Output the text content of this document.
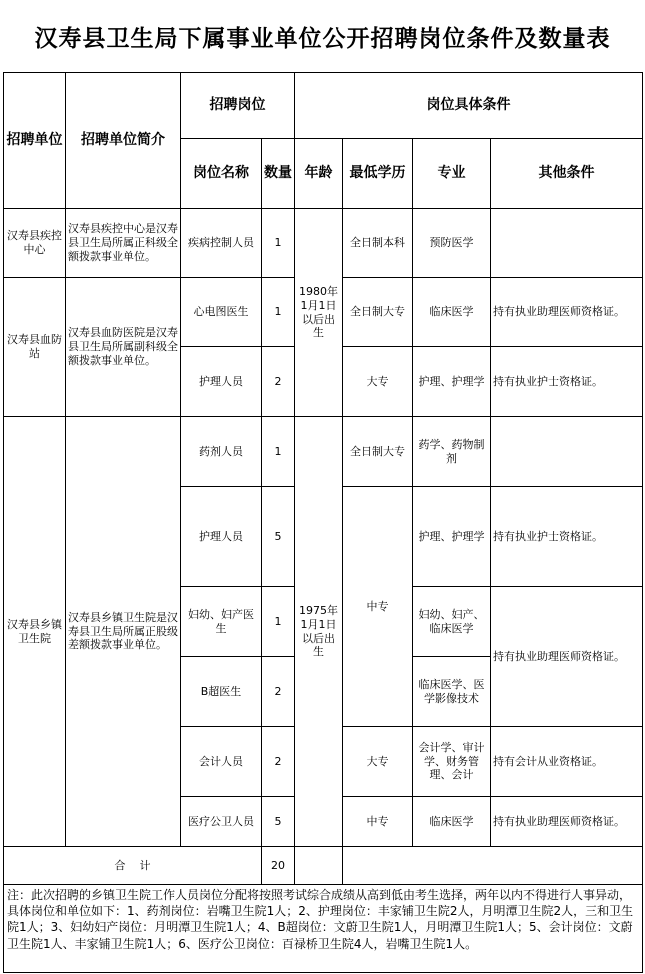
汉寿县卫生局下属事业单位公开招聘岗位条件及数量表
招聘单位	招聘单位简介	招聘岗位		岗位具体条件			
		岗位名称	数量	年龄	最低学历	专业	其他条件
汉寿县疾控中心	汉寿县疾控中心是汉寿县卫生局所属正科级全额拨款事业单位。	疾病控制人员	1	1980年1月1日以后出生	全日制本科	预防医学	
汉寿县血防站	汉寿县血防医院是汉寿县卫生局所属副科级全额拨款事业单位。	心电图医生	1		全日制大专	临床医学	持有执业助理医师资格证。
		护理人员	2		大专	护理、护理学	持有执业护士资格证。
汉寿县乡镇卫生院	汉寿县乡镇卫生院是汉寿县卫生局所属正股级差额拨款事业单位。	药剂人员	1	1975年1月1日以后出生	全日制大专	药学、药物制剂	
		护理人员	5		中专	护理、护理学	持有执业护士资格证。
		妇幼、妇产医生	1			妇幼、妇产、临床医学	持有执业助理医师资格证。
		B超医生	2			临床医学、医学影像技术	
		会计人员	2		大专	会计学、审计学、财务管理、会计	持有会计从业资格证。
		医疗公卫人员	5		中专	临床医学	持有执业助理医师资格证。
合    计			20				
注：此次招聘的乡镇卫生院工作人员岗位分配将按照考试综合成绩从高到低由考生选择，两年以内不得进行人事异动，具体岗位和单位如下：1、药剂岗位：岩嘴卫生院1人；2、护理岗位：丰家铺卫生院2人，月明潭卫生院2人，三和卫生院1人；3、妇幼妇产岗位：月明潭卫生院1人；4、B超岗位：文蔚卫生院1人，月明潭卫生院1人；5、会计岗位：文蔚卫生院1人、丰家铺卫生院1人；6、医疗公卫岗位：百禄桥卫生院4人，岩嘴卫生院1人。							
